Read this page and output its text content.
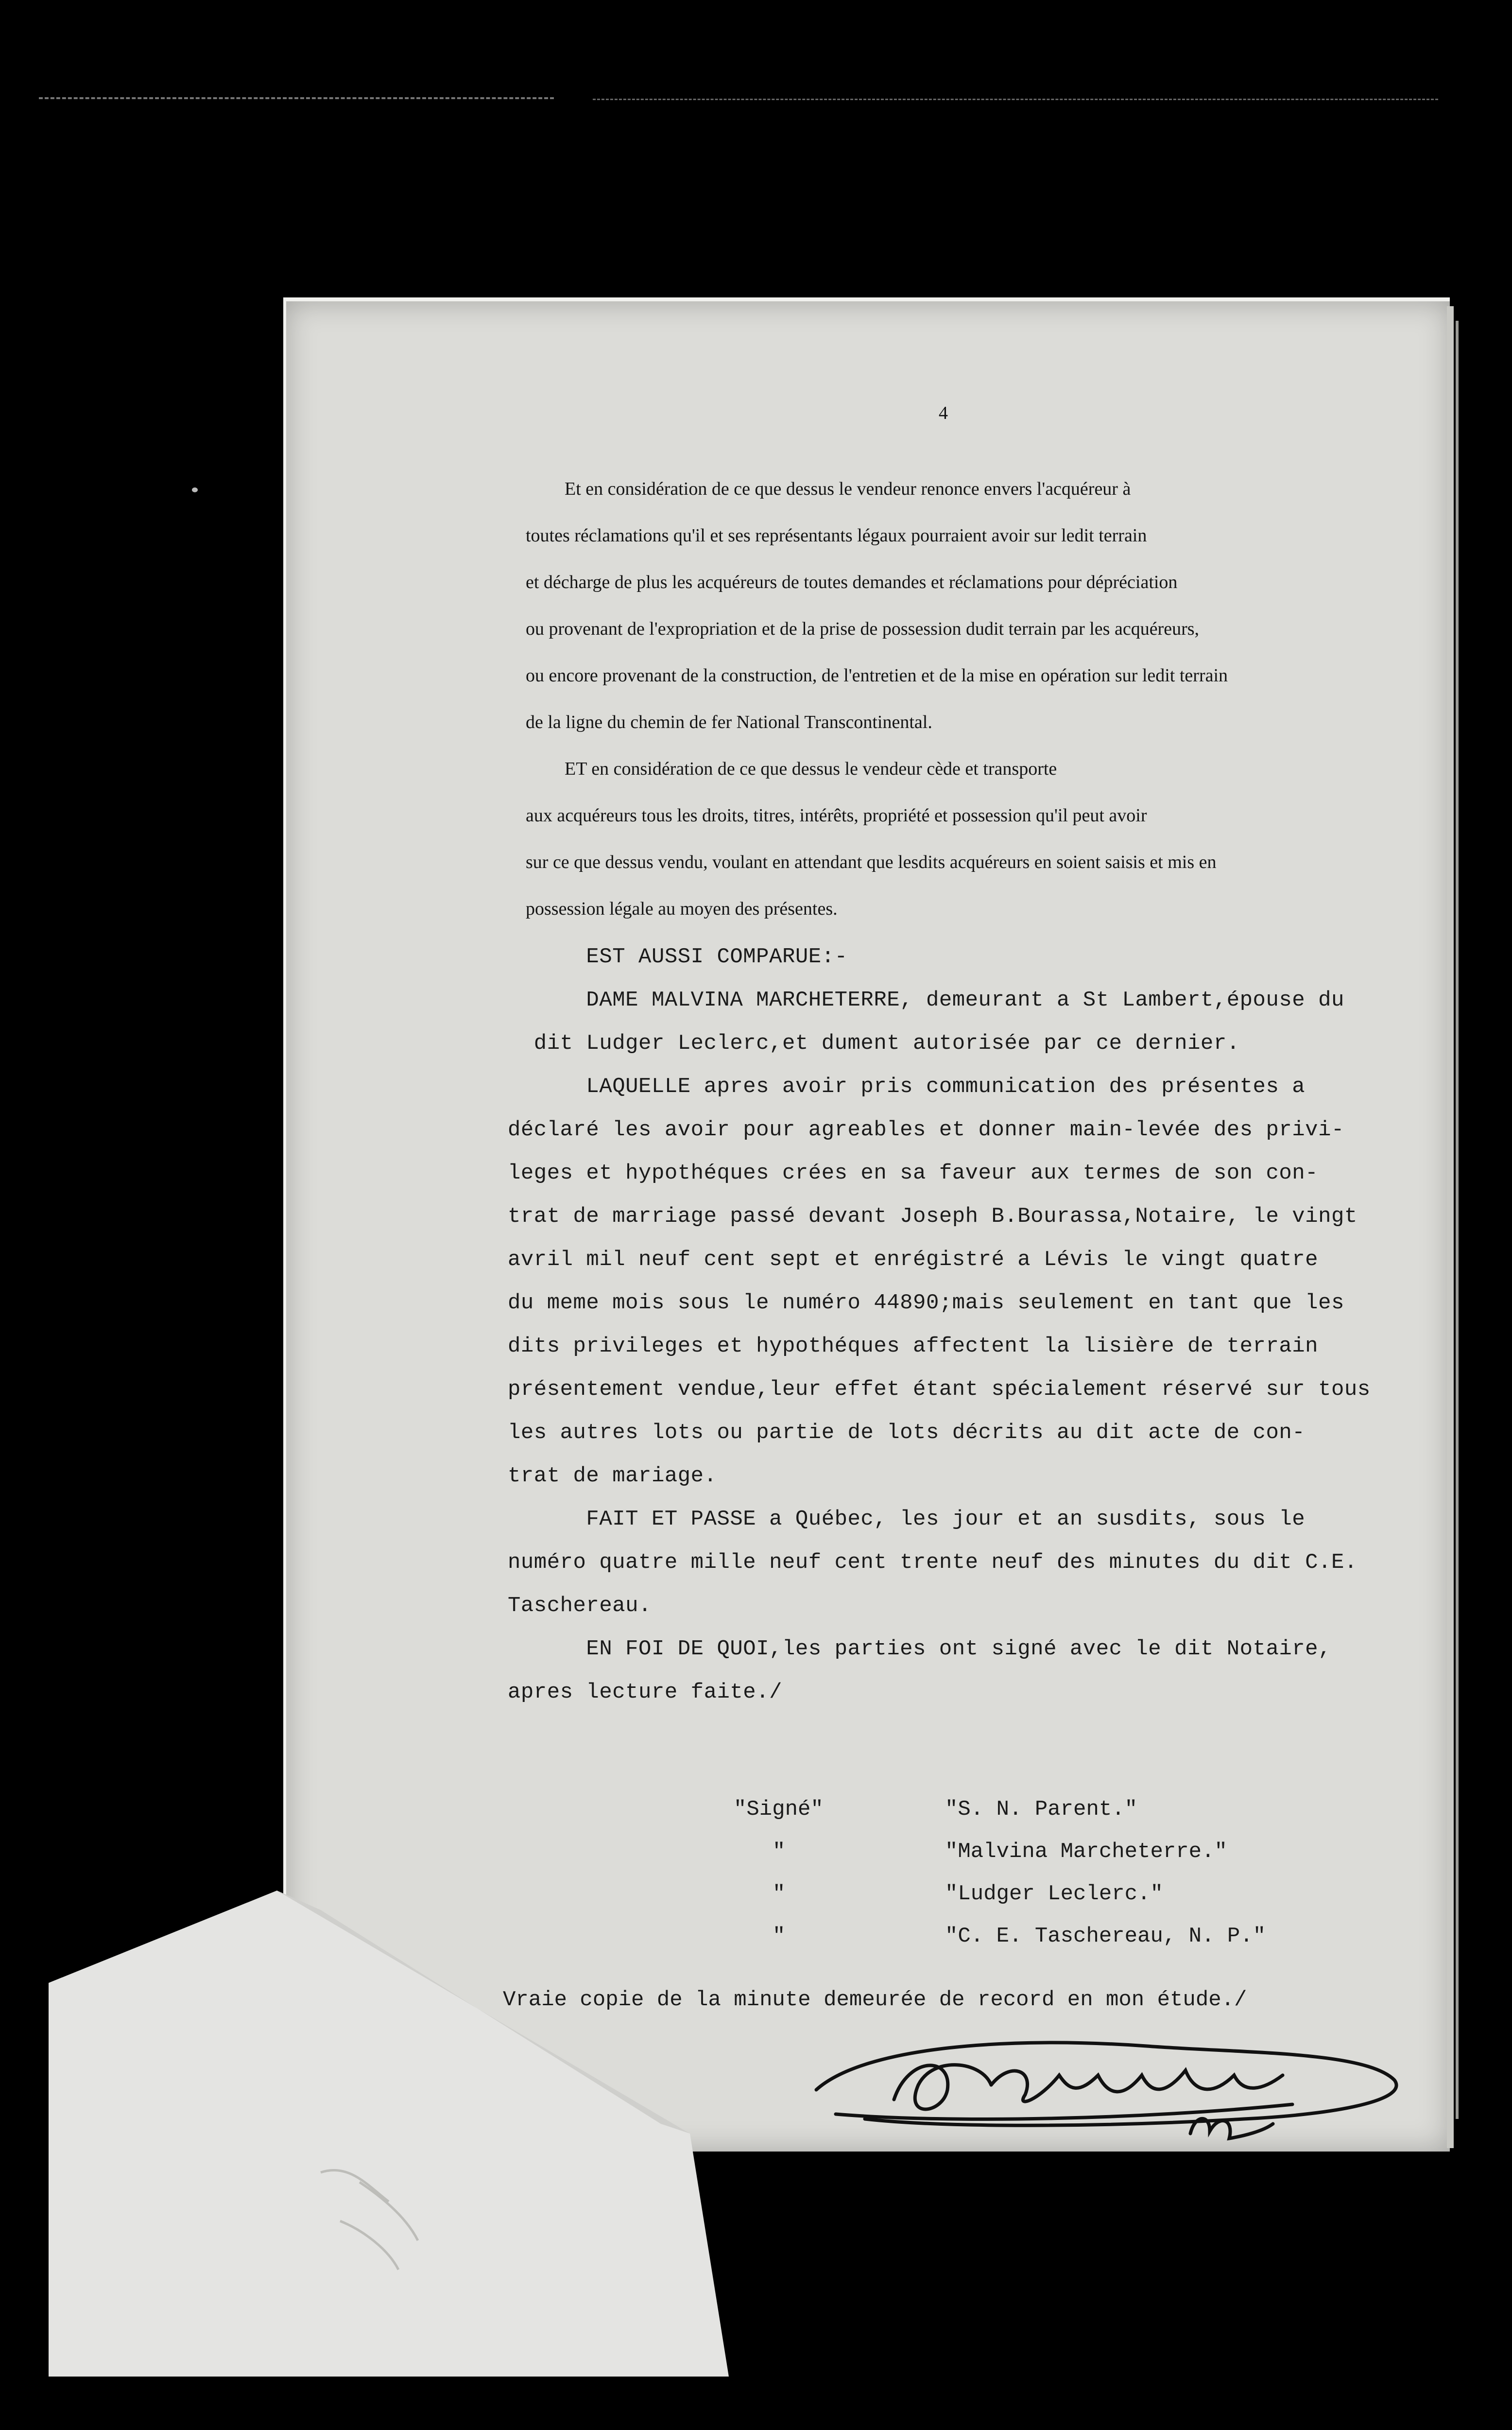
4

Et en considération de ce que dessus le vendeur renonce envers l'acquéreur à

toutes réclamations qu'il et ses représentants légaux pourraient avoir sur ledit terrain

et décharge de plus les acquéreurs de toutes demandes et réclamations pour dépréciation

ou provenant de l'expropriation et de la prise de possession dudit terrain par les acquéreurs,

ou encore provenant de la construction, de l'entretien et de la mise en opération sur ledit terrain

de la ligne du chemin de fer National Transcontinental.

ET en considération de ce que dessus le vendeur cède et transporte

aux acquéreurs tous les droits, titres, intérêts, propriété et possession qu'il peut avoir

sur ce que dessus vendu, voulant en attendant que lesdits acquéreurs en soient saisis et mis en

possession légale au moyen des présentes.

EST AUSSI COMPARUE:-

DAME MALVINA MARCHETERRE, demeurant a St Lambert,épouse du

dit Ludger Leclerc,et dument autorisée par ce dernier.

LAQUELLE apres avoir pris communication des présentes a

déclaré les avoir pour agreables et donner main-levée des privi-

leges et hypothéques crées en sa faveur aux termes de son con-

trat de marriage passé devant Joseph B.Bourassa,Notaire, le vingt

avril mil neuf cent sept et enrégistré a Lévis le vingt quatre

du meme mois sous le numéro 44890;mais seulement en tant que les

dits privileges et hypothéques affectent la lisière de terrain

présentement vendue,leur effet étant spécialement réservé sur tous

les autres lots ou partie de lots décrits au dit acte de con-

trat de mariage.

FAIT ET PASSE a Québec, les jour et an susdits, sous le

numéro quatre mille neuf cent trente neuf des minutes du dit C.E.

Taschereau.

EN FOI DE QUOI,les parties ont signé avec le dit Notaire,

apres lecture faite./

"Signé"	"S. N. Parent."
"	"Malvina Marcheterre."
"	"Ludger Leclerc."
"	"C. E. Taschereau, N. P."
Vraie copie de la minute demeurée de record en mon étude./
